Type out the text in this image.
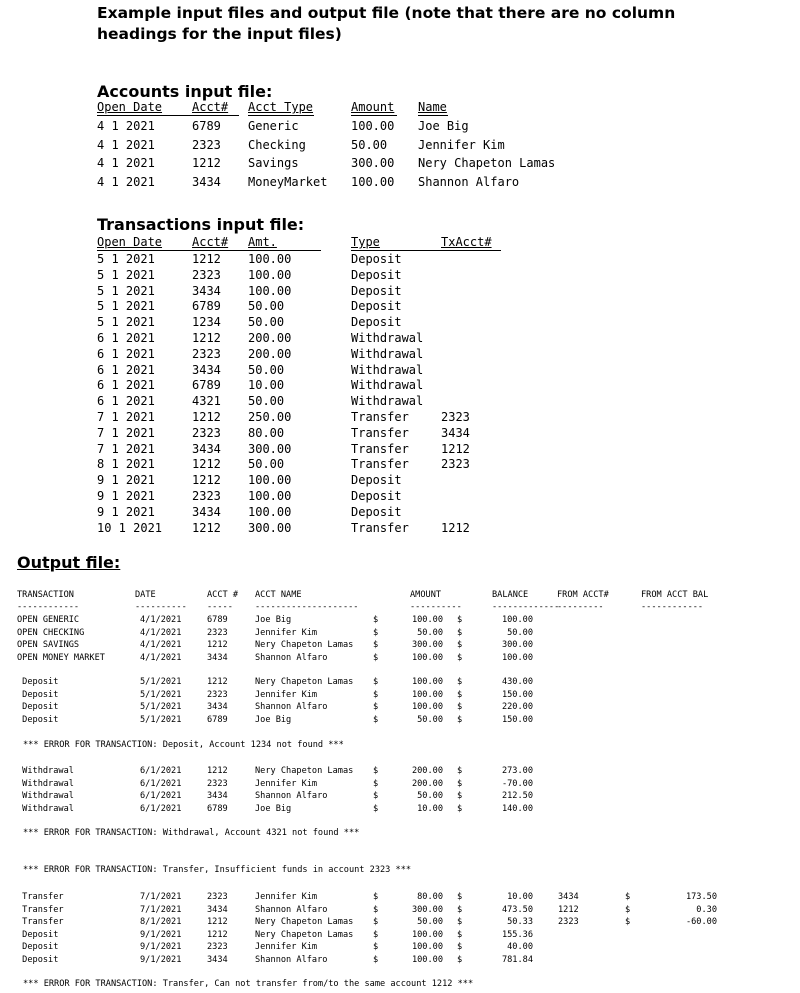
Example input files and output file (note that there are no column headings for the input files)
Accounts input file:
Open Date Acct# Acct Type	Amount Name
4 1 2021	6789 Generic	100.00 Joe Big
4 1 2021	2323 Checking	50.00	Jennifer Kim
4 1 2021	1212 Savings	300.00 Nery Chapeton Lamas
4 1 2021	3434 MoneyMarket 100.00 Shannon Alfaro
Transactions input file:
Open Date Acct# Amt.	Type	TxAcct#
5 1 2021	1212 100.00	Deposit
5 1 2021	2323 100.00	Deposit
5 1 2021	3434 100.00	Deposit
5 1 2021	6789 50.00	Deposit
5 1 2021	1234 50.00	Deposit
6 1 2021	1212 200.00	Withdrawal
6 1 2021	2323 200.00	Withdrawal
6 1 2021	3434 50.00	Withdrawal
6 1 2021	6789 10.00	Withdrawal
6 1 2021	4321 50.00	Withdrawal
7 1 2021	1212 250.00	Transfer	2323
7 1 2021	2323 80.00	Transfer	3434
7 1 2021	3434 300.00	Transfer	1212
8 1 2021	1212 50.00	Transfer	2323
9 1 2021	1212 100.00	Deposit
9 1 2021	2323 100.00	Deposit
9 1 2021	3434 100.00	Deposit
10 1 2021 1212 300.00	Transfer	1212
Output file:
TRANSACTION	DATE	ACCT # ACCT NAME	AMOUNT	BALANCE	FROM ACCT#	FROM ACCT BAL
------------	---------- -----	--------------------	----------	-------------
---------	------------
OPEN GENERIC	4/1/2021	6789	Joe Big	$	100.00 $	100.00
OPEN CHECKING	4/1/2021	2323	Jennifer Kim	$	50.00 $	50.00
OPEN SAVINGS	4/1/2021	1212	Nery Chapeton Lamas $	300.00 $	300.00
OPEN MONEY MARKET	4/1/2021	3434	Shannon Alfaro	$	100.00 $	100.00
Deposit	5/1/2021	1212	Nery Chapeton Lamas $	100.00 $	430.00
Deposit	5/1/2021	2323	Jennifer Kim	$	100.00 $	150.00
Deposit	5/1/2021	3434	Shannon Alfaro	$	100.00 $	220.00
Deposit	5/1/2021	6789	Joe Big	$	50.00 $	150.00
*** ERROR FOR TRANSACTION: Deposit, Account 1234 not found ***
Withdrawal	6/1/2021	1212	Nery Chapeton Lamas $	200.00 $	273.00
Withdrawal	6/1/2021	2323	Jennifer Kim	$	200.00 $	-70.00
Withdrawal	6/1/2021	3434	Shannon Alfaro	$	50.00 $	212.50
Withdrawal	6/1/2021	6789	Joe Big	$	10.00 $	140.00
*** ERROR FOR TRANSACTION: Withdrawal, Account 4321 not found ***
*** ERROR FOR TRANSACTION: Transfer, Insufficient funds in account 2323 ***
Transfer	7/1/2021	2323	Jennifer Kim	$	80.00 $	10.00	3434	$	173.50
Transfer	7/1/2021	3434	Shannon Alfaro	$	300.00 $	473.50	1212	$	0.30
Transfer	8/1/2021	1212	Nery Chapeton Lamas $	50.00 $	50.33	2323	$	-60.00
Deposit	9/1/2021	1212	Nery Chapeton Lamas $	100.00 $	155.36
Deposit	9/1/2021	2323	Jennifer Kim	$	100.00 $	40.00
Deposit	9/1/2021	3434	Shannon Alfaro	$	100.00 $	781.84
*** ERROR FOR TRANSACTION: Transfer, Can not transfer from/to the same account 1212 ***
